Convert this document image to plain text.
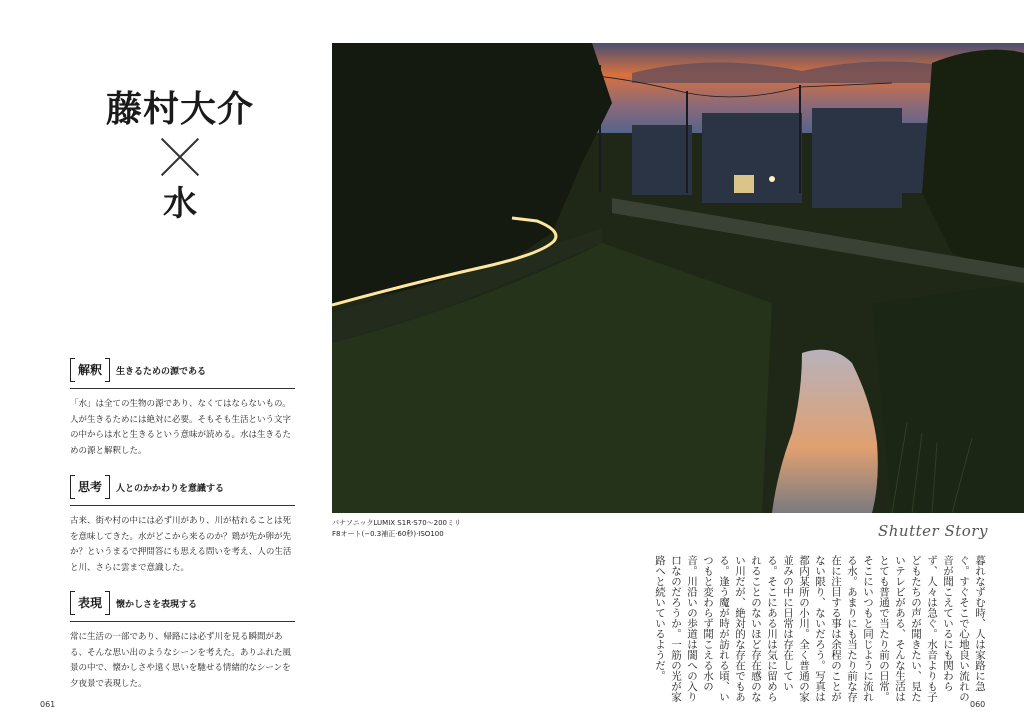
藤村大介
水
解釈	生きるための源である
「水」は全ての生物の源であり、なくてはならないもの。人が生きるためには絶対に必要。そもそも生活という文字の中からは水と生きるという意味が読める。水は生きるための源と解釈した。
思考	人とのかかわりを意識する
古来、街や村の中には必ず川があり、川が枯れることは死を意味してきた。水がどこから来るのか？鶏が先か卵が先か？というまるで押問答にも思える問いを考え、人の生活と川、さらに雲まで意識した。
表現	懐かしさを表現する
常に生活の一部であり、帰路には必ず川を見る瞬間がある、そんな思い出のようなシーンを考えた。ありふれた風景の中で、懐かしさや遠く思いを馳せる情緒的なシーンを夕夜景で表現した。
パナソニックLUMIX S1R·S70〜200ミリ
F8オート(−0.3補正·60秒)·ISO100	Shutter Story
暮れなずむ時、人は家路に急ぐ。すぐそこで心地良い流れの音が聞こえているにも関わらず、人々は急ぐ。水音よりも子どもたちの声が聞きたい、見たいテレビがある、そんな生活はとても普通で当たり前の日常。そこにいつもと同じように流れる水。あまりにも当たり前な存在に注目する事は余程のことがない限り、ないだろう。写真は都内某所の小川。全く普通の家並みの中に日常は存在している。そこにある川は気に留められることのないほど存在感のない川だが、絶対的な存在でもある。逢う魔が時が訪れる頃、いつもと変わらず聞こえる水の音。川沿いの歩道は闇への入り口なのだろうか。一筋の光が家路へと続いているようだ。
061	060
